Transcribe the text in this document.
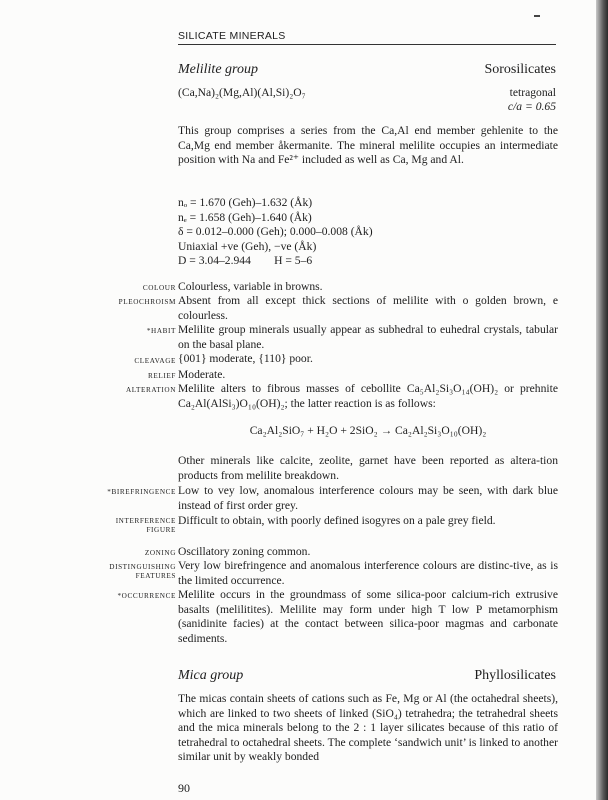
SILICATE MINERALS
Melilite group	Sorosilicates
(Ca,Na)₂(Mg,Al)(Al,Si)₂O₇	tetragonal
c/a = 0.65
This group comprises a series from the Ca,Al end member gehlenite to the Ca,Mg end member åkermanite. The mineral melilite occupies an intermediate position with Na and Fe²⁺ included as well as Ca, Mg and Al.
nₒ = 1.670 (Geh)–1.632 (Åk)
nₑ = 1.658 (Geh)–1.640 (Åk)
δ = 0.012–0.000 (Geh); 0.000–0.008 (Åk)
Uniaxial +ve (Geh), −ve (Åk)
D = 3.04–2.944        H = 5–6
COLOUR Colourless, variable in browns.
PLEOCHROISM Absent from all except thick sections of melilite with o golden brown, e colourless.
*HABIT Melilite group minerals usually appear as subhedral to euhedral crystals, tabular on the basal plane.
CLEAVAGE {001} moderate, {110} poor.
RELIEF Moderate.
ALTERATION Melilite alters to fibrous masses of cebollite Ca₅Al₂Si₃O₁₄(OH)₂ or prehnite Ca₂Al(AlSi₃)O₁₀(OH)₂; the latter reaction is as follows:
Ca₂Al₂SiO₇ + H₂O + 2SiO₂ → Ca₂Al₂Si₃O₁₀(OH)₂
Other minerals like calcite, zeolite, garnet have been reported as altera-tion products from melilite breakdown.
*BIREFRINGENCE Low to vey low, anomalous interference colours may be seen, with dark blue instead of first order grey.
INTERFERENCE
FIGURE
Difficult to obtain, with poorly defined isogyres on a pale grey field.
ZONING Oscillatory zoning common.
DISTINGUISHING
FEATURES
Very low birefringence and anomalous interference colours are distinc-tive, as is the limited occurrence.
*OCCURRENCE Melilite occurs in the groundmass of some silica-poor calcium-rich extrusive basalts (melilitites). Melilite may form under high T low P metamorphism (sanidinite facies) at the contact between silica-poor magmas and carbonate sediments.
Mica group	Phyllosilicates
The micas contain sheets of cations such as Fe, Mg or Al (the octahedral sheets), which are linked to two sheets of linked (SiO₄) tetrahedra; the tetrahedral sheets and the mica minerals belong to the 2 : 1 layer silicates because of this ratio of tetrahedral to octahedral sheets. The complete ‘sandwich unit’ is linked to another similar unit by weakly bonded
90
